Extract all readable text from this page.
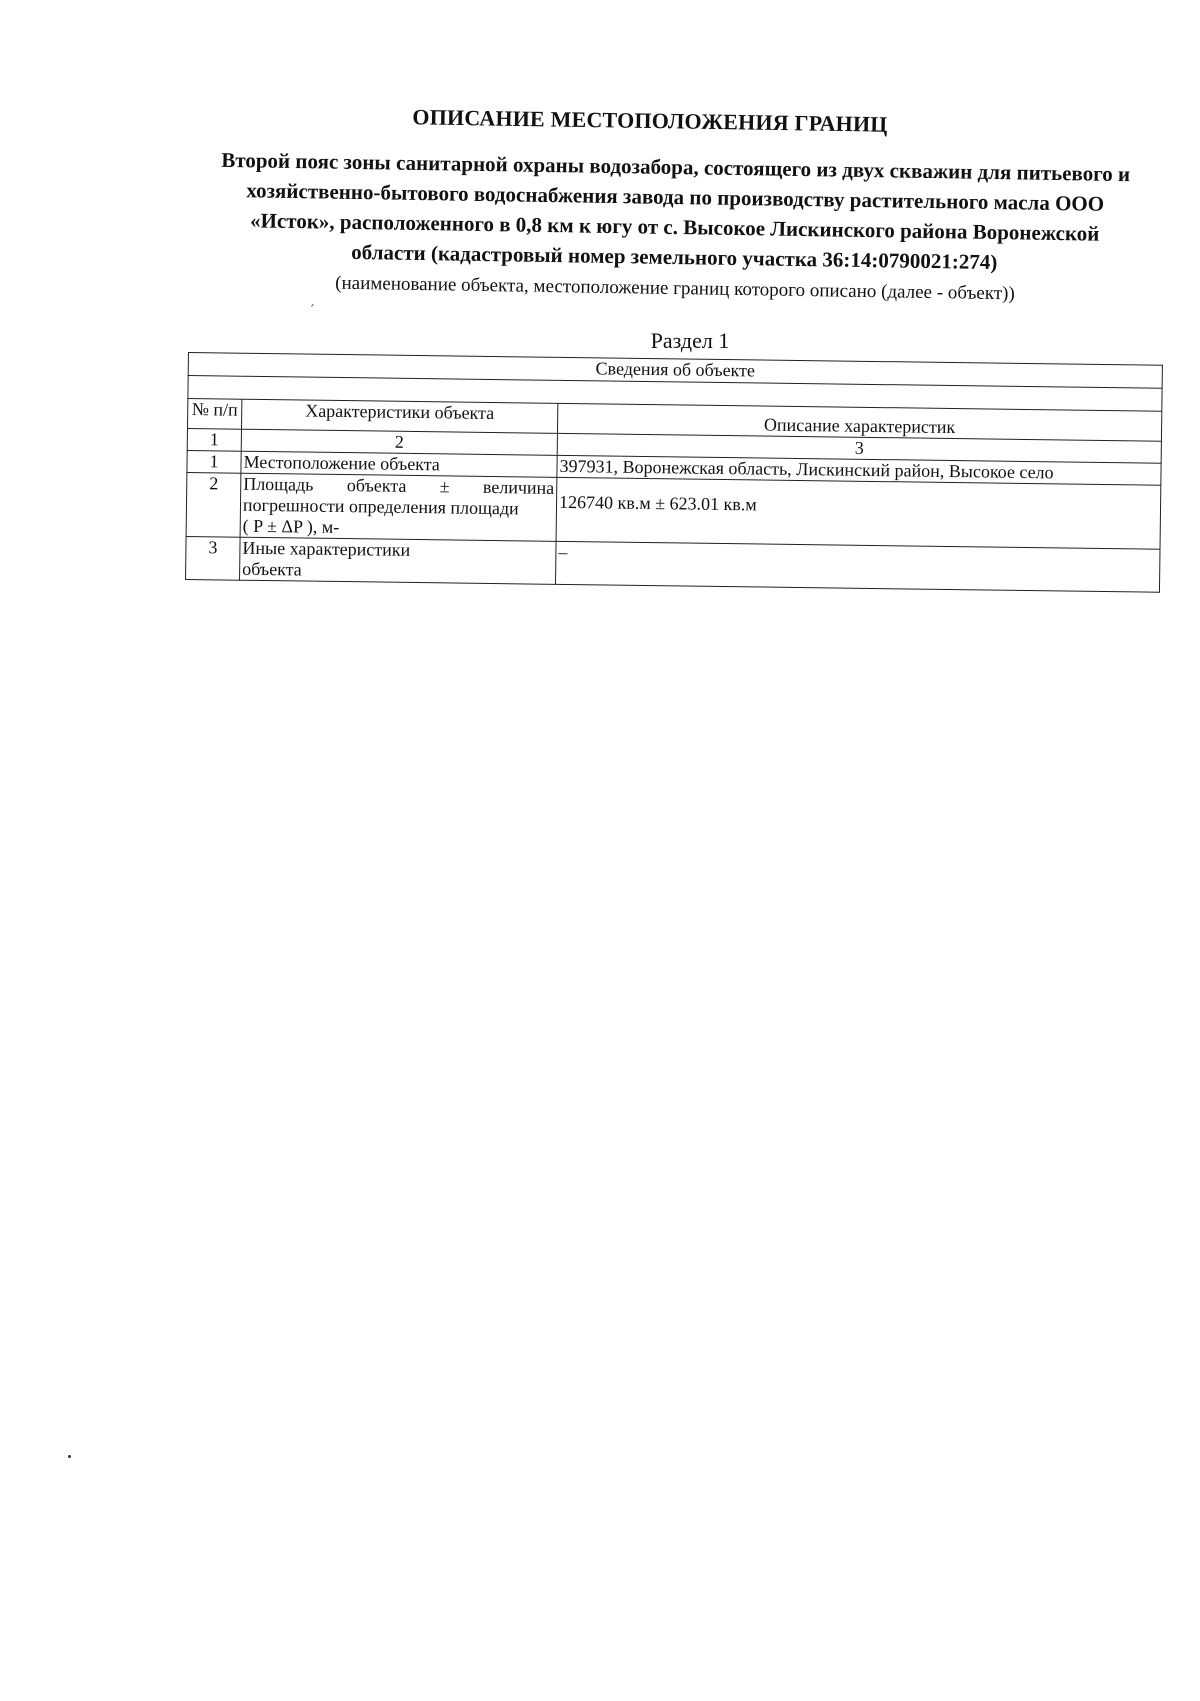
ОПИСАНИЕ МЕСТОПОЛОЖЕНИЯ ГРАНИЦ
Второй пояс зоны санитарной охраны водозабора, состоящего из двух скважин для питьевого и
хозяйственно-бытового водоснабжения завода по производству растительного масла ООО
«Исток», расположенного в 0,8 км к югу от с. Высокое Лискинского района Воронежской
области (кадастровый номер земельного участка 36:14:0790021:274)
(наименование объекта, местоположение границ которого описано (далее - объект))
´
Раздел 1
Сведения об объекте		

№ п/п	Характеристики объекта	Описание характеристик
1	2	3
1	Местоположение объекта	397931, Воронежская область, Лискинский район, Высокое село
2	Площадь объекта ± величина
погрешности определения площади
( P ± ΔP ), м-	126740 кв.м ± 623.01 кв.м
3	Иные характеристики
объекта	–
